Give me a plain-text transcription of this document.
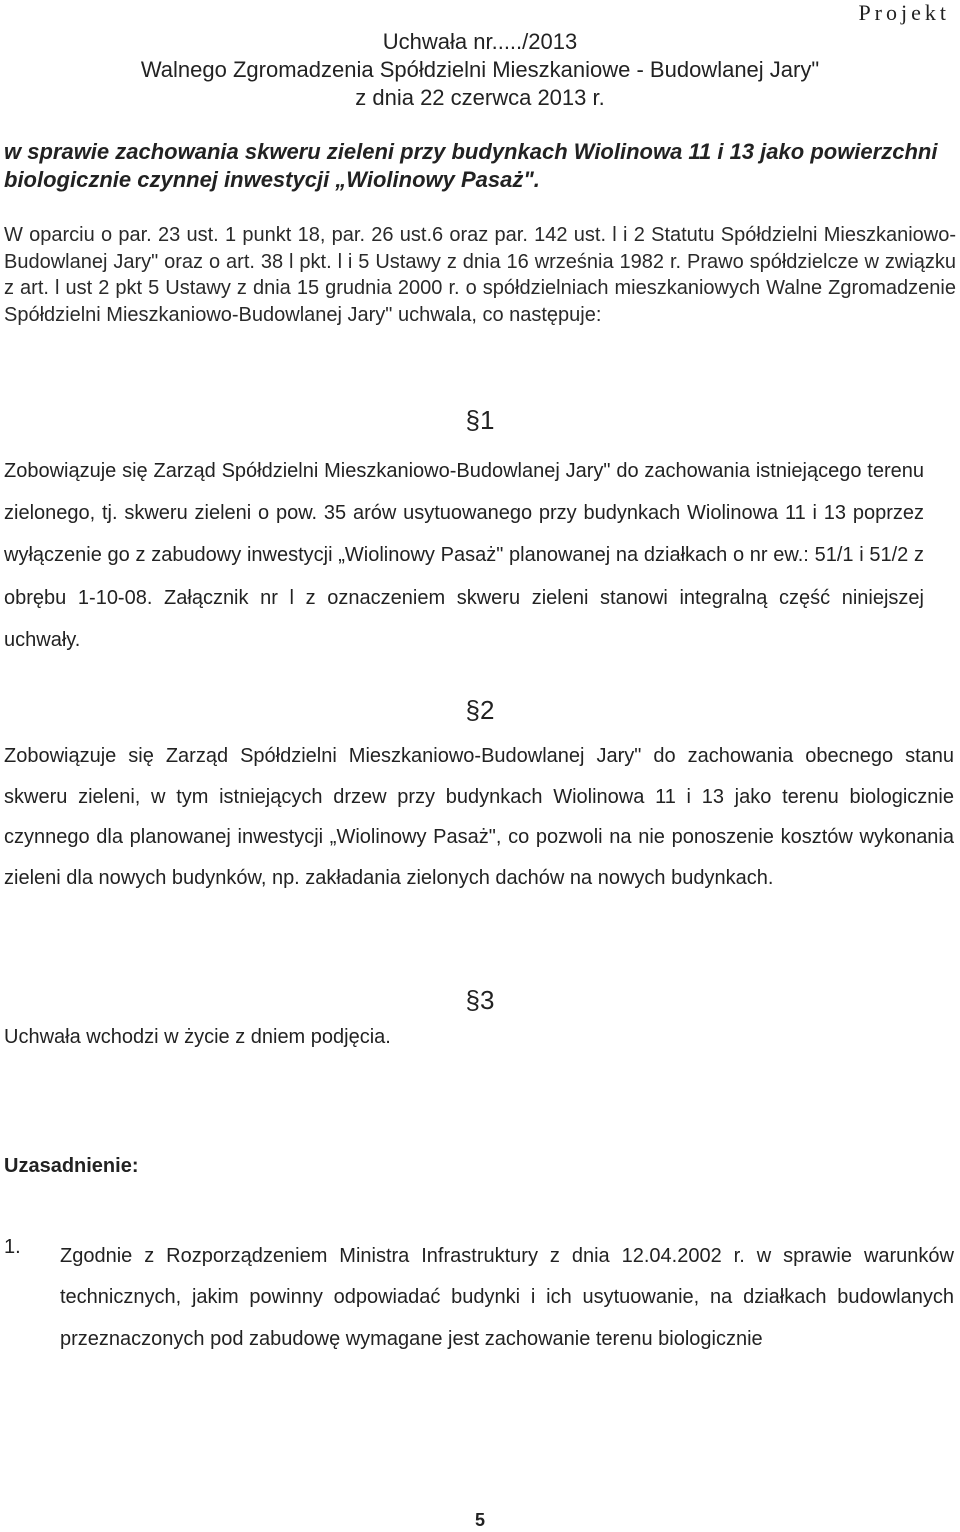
Projekt
Uchwała nr...../2013
Walnego Zgromadzenia Spółdzielni Mieszkaniowe - Budowlanej Jary"
z dnia 22 czerwca 2013 r.
w sprawie zachowania skweru zieleni przy budynkach Wiolinowa 11 i 13 jako powierzchni biologicznie czynnej inwestycji „Wiolinowy Pasaż".
W oparciu o par. 23 ust. 1 punkt 18, par. 26 ust.6 oraz par. 142 ust. l i 2 Statutu Spółdzielni Mieszkaniowo-Budowlanej Jary" oraz o art. 38 l pkt. l i 5 Ustawy z dnia 16 września 1982 r. Prawo spółdzielcze w związku z art. l ust 2 pkt 5 Ustawy z dnia 15 grudnia 2000 r. o spółdzielniach mieszkaniowych Walne Zgromadzenie Spółdzielni Mieszkaniowo-Budowlanej Jary" uchwala, co następuje:
§1
Zobowiązuje się Zarząd Spółdzielni Mieszkaniowo-Budowlanej Jary" do zachowania istniejącego terenu zielonego, tj. skweru zieleni o pow. 35 arów usytuowanego przy budynkach Wiolinowa 11 i 13 poprzez wyłączenie go z zabudowy inwestycji „Wiolinowy Pasaż" planowanej na działkach o nr ew.: 51/1 i 51/2 z obrębu 1-10-08. Załącznik nr l z oznaczeniem skweru zieleni stanowi integralną część niniejszej uchwały.
§2
Zobowiązuje się Zarząd Spółdzielni Mieszkaniowo-Budowlanej Jary" do zachowania obecnego stanu skweru zieleni, w tym istniejących drzew przy budynkach Wiolinowa 11 i 13 jako terenu biologicznie czynnego dla planowanej inwestycji „Wiolinowy Pasaż", co pozwoli na nie ponoszenie kosztów wykonania zieleni dla nowych budynków, np. zakładania zielonych dachów na nowych budynkach.
§3
Uchwała wchodzi w życie z dniem podjęcia.
Uzasadnienie:
1. Zgodnie z Rozporządzeniem Ministra Infrastruktury z dnia 12.04.2002 r. w sprawie warunków technicznych, jakim powinny odpowiadać budynki i ich usytuowanie, na działkach budowlanych przeznaczonych pod zabudowę wymagane jest zachowanie terenu biologicznie
5
